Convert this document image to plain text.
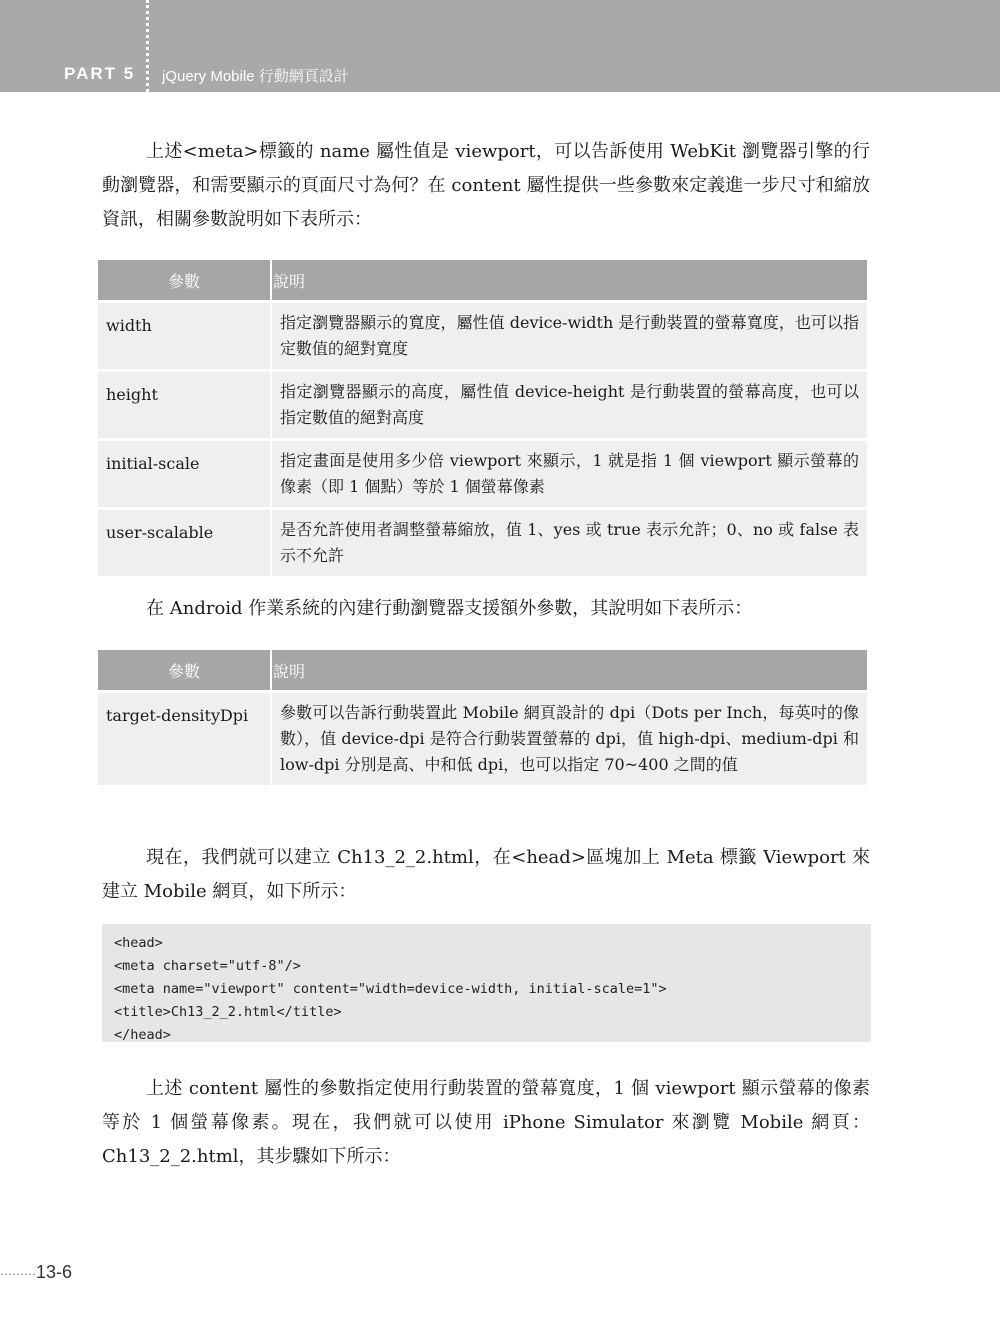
PART 5 jQuery Mobile 行動網頁設計

上述<meta>標籤的 name 屬性值是 viewport，可以告訴使用 WebKit 瀏覽器引擎的行動瀏覽器，和需要顯示的頁面尺寸為何？在 content 屬性提供一些參數來定義進一步尺寸和縮放資訊，相關參數說明如下表所示：

參數	說明
width	指定瀏覽器顯示的寬度，屬性值 device-width 是行動裝置的螢幕寬度，也可以指定數值的絕對寬度
height	指定瀏覽器顯示的高度，屬性值 device-height 是行動裝置的螢幕高度，也可以指定數值的絕對高度
initial-scale	指定畫面是使用多少倍 viewport 來顯示，1 就是指 1 個 viewport 顯示螢幕的像素（即 1 個點）等於 1 個螢幕像素
user-scalable	是否允許使用者調整螢幕縮放，值 1、yes 或 true 表示允許；0、no 或 false 表示不允許

在 Android 作業系統的內建行動瀏覽器支援額外參數，其說明如下表所示：

參數	說明
target-densityDpi	參數可以告訴行動裝置此 Mobile 網頁設計的 dpi（Dots per Inch，每英吋的像數），值 device-dpi 是符合行動裝置螢幕的 dpi，值 high-dpi、medium-dpi 和 low-dpi 分別是高、中和低 dpi，也可以指定 70~400 之間的值

現在，我們就可以建立 Ch13_2_2.html，在<head>區塊加上 Meta 標籤 Viewport 來建立 Mobile 網頁，如下所示：

<head>
<meta charset="utf-8"/>
<meta name="viewport" content="width=device-width, initial-scale=1">
<title>Ch13_2_2.html</title>
</head>

上述 content 屬性的參數指定使用行動裝置的螢幕寬度，1 個 viewport 顯示螢幕的像素等於 1 個螢幕像素。現在，我們就可以使用 iPhone Simulator 來瀏覽 Mobile 網頁：Ch13_2_2.html，其步驟如下所示：

·········13-6
